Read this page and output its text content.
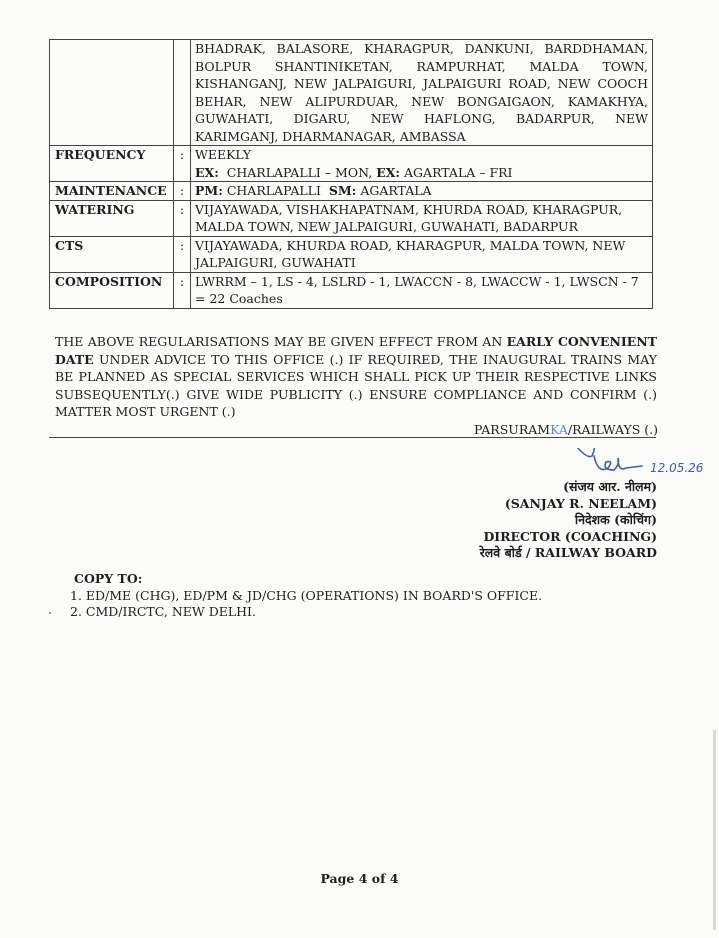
		BHADRAK, BALASORE, KHARAGPUR, DANKUNI, BARDDHAMAN, BOLPUR SHANTINIKETAN, RAMPURHAT, MALDA TOWN, KISHANGANJ, NEW JALPAIGURI, JALPAIGURI ROAD, NEW COOCH BEHAR, NEW ALIPURDUAR, NEW BONGAIGAON, KAMAKHYA, GUWAHATI, DIGARU, NEW HAFLONG, BADARPUR, NEW KARIMGANJ, DHARMANAGAR, AMBASSA
FREQUENCY	:	WEEKLY
EX: CHARLAPALLI – MON, EX: AGARTALA – FRI

MAINTENANCE	:	PM: CHARLAPALLI SM: AGARTALA
WATERING	:	VIJAYAWADA, VISHAKHAPATNAM, KHURDA ROAD, KHARAGPUR, MALDA TOWN, NEW JALPAIGURI, GUWAHATI, BADARPUR
CTS	:	VIJAYAWADA, KHURDA ROAD, KHARAGPUR, MALDA TOWN, NEW JALPAIGURI, GUWAHATI
COMPOSITION	:	LWRRM – 1, LS - 4, LSLRD - 1, LWACCN - 8, LWACCW - 1, LWSCN - 7 = 22 Coaches

THE ABOVE REGULARISATIONS MAY BE GIVEN EFFECT FROM AN EARLY CONVENIENT DATE UNDER ADVICE TO THIS OFFICE (.) IF REQUIRED, THE INAUGURAL TRAINS MAY BE PLANNED AS SPECIAL SERVICES WHICH SHALL PICK UP THEIR RESPECTIVE LINKS SUBSEQUENTLY(.) GIVE WIDE PUBLICITY (.) ENSURE COMPLIANCE AND CONFIRM (.) MATTER MOST URGENT (.)

PARSURAMKA/RAILWAYS (.)
12.05.26
(संजय आर. नीलम)
(SANJAY R. NEELAM)
निदेशक (कोचिंग)
DIRECTOR (COACHING)
रेलवे बोर्ड / RAILWAY BOARD
COPY TO:
1. ED/ME (CHG), ED/PM & JD/CHG (OPERATIONS) IN BOARD'S OFFICE.
2. CMD/IRCTC, NEW DELHI.
Page 4 of 4
